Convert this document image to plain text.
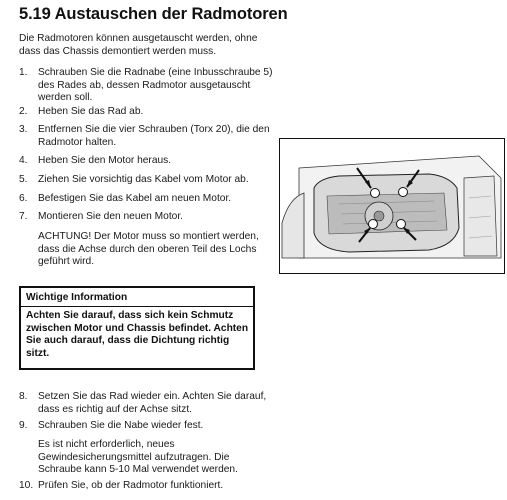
5.19 Austauschen der Radmotoren
Die Radmotoren können ausgetauscht werden, ohne dass das Chassis demontiert werden muss.
1.	Schrauben Sie die Radnabe (eine Inbusschraube 5) des Rades ab, dessen Radmotor ausgetauscht werden soll.
2.	Heben Sie das Rad ab.
3.	Entfernen Sie die vier Schrauben (Torx 20), die den Radmotor halten.
4.	Heben Sie den Motor heraus.
5.	Ziehen Sie vorsichtig das Kabel vom Motor ab.
6.	Befestigen Sie das Kabel am neuen Motor.
7.	Montieren Sie den neuen Motor.
ACHTUNG! Der Motor muss so montiert werden, dass die Achse durch den oberen Teil des Lochs geführt wird.
Wichtige Information
Achten Sie darauf, dass sich kein Schmutz zwischen Motor und Chassis befindet. Achten Sie auch darauf, dass die Dichtung richtig sitzt.
8.	Setzen Sie das Rad wieder ein. Achten Sie darauf, dass es richtig auf der Achse sitzt.
9.	Schrauben Sie die Nabe wieder fest.
Es ist nicht erforderlich, neues Gewindesicherungsmittel aufzutragen. Die Schraube kann 5-10 Mal verwendet werden.
10. Prüfen Sie, ob der Radmotor funktioniert.
